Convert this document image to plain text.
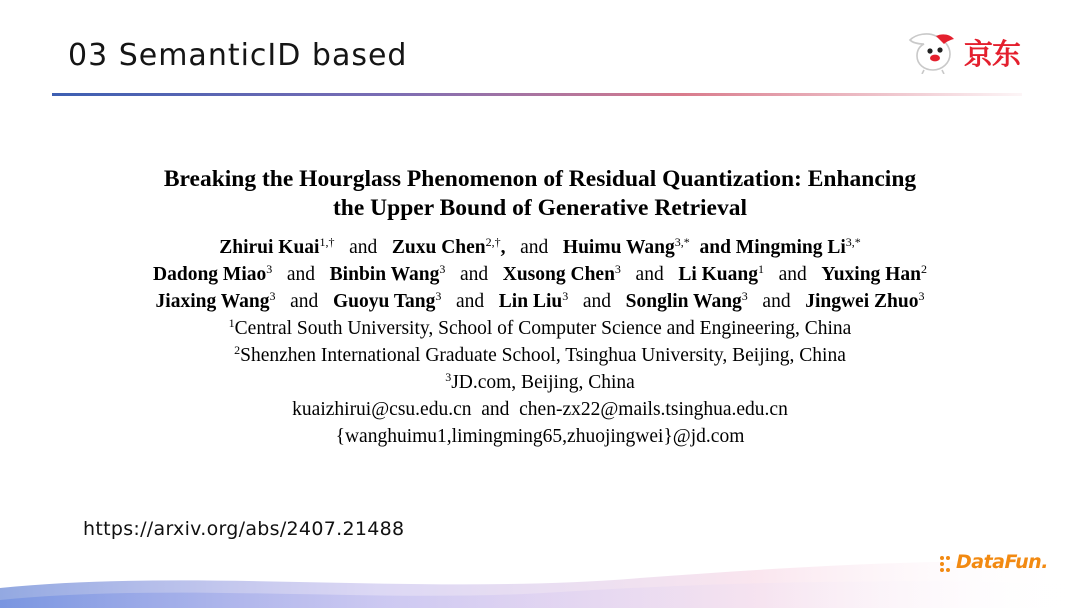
03 SemanticID based	京东
Breaking the Hourglass Phenomenon of Residual Quantization: Enhancing
the Upper Bound of Generative Retrieval
Zhirui Kuai$^{1,\dagger}$ and Zuxu Chen$^{2,\dagger}$, and Huimu Wang$^{3,*}$ and Mingming $Li^{3,*}$
Dadong Miao$^3$ and Binbin Wang$^3$ and Xusong Chen$^3$ and Li Kuang$^1$ and Yuxing Han$^2$
Jiaxing Wang$^3$ and Guoyu Tang$^3$ and Lin Liu$^3$ and Songlin Wang$^3$ and Jingwei Zhuo$^3$
$^1$Central South University, School of Computer Science and Engineering, China
$^2$Shenzhen International Graduate School, Tsinghua University, Beijing, China
$^3$JD.com, Beijing, China
kuaizhirui@csu.edu.cn  and  chen-zx22@mails.tsinghua.edu.cn
{wanghuimu1,limingming65,zhuojingwei}@jd.com
https://arxiv.org/abs/2407.21488
DataFun.
